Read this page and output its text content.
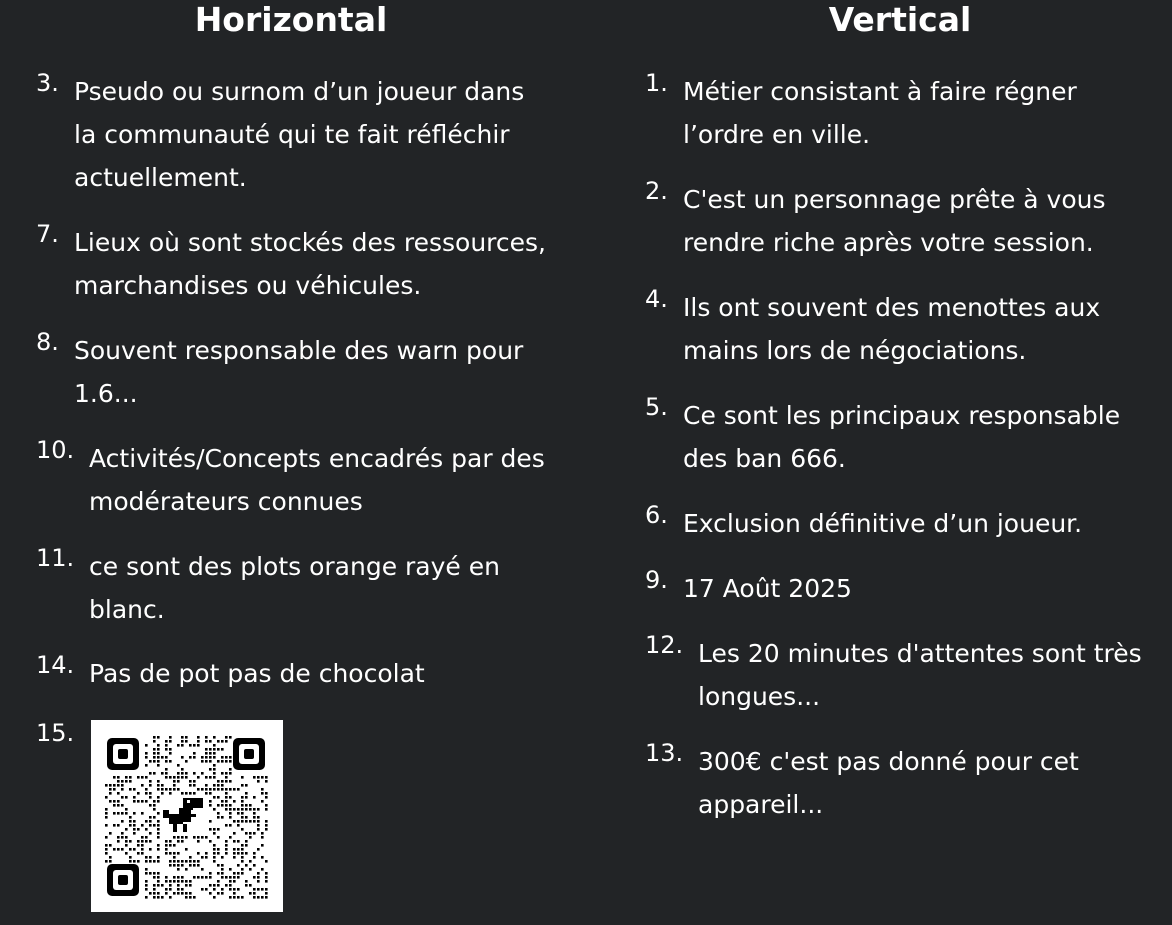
Horizontal
3. Pseudo ou surnom d’un joueur dans
la communauté qui te fait réfléchir
actuellement.
7. Lieux où sont stockés des ressources,
marchandises ou véhicules.
8. Souvent responsable des warn pour
1.6...
10. Activités/Concepts encadrés par des
modérateurs connues
11. ce sont des plots orange rayé en
blanc.
14. Pas de pot pas de chocolat
15.
Vertical
1. Métier consistant à faire régner
l’ordre en ville.
2. C'est un personnage prête à vous
rendre riche après votre session.
4. Ils ont souvent des menottes aux
mains lors de négociations.
5. Ce sont les principaux responsable
des ban 666.
6. Exclusion définitive d’un joueur.
9. 17 Août 2025
12. Les 20 minutes d'attentes sont très
longues...
13. 300€ c'est pas donné pour cet
appareil...
